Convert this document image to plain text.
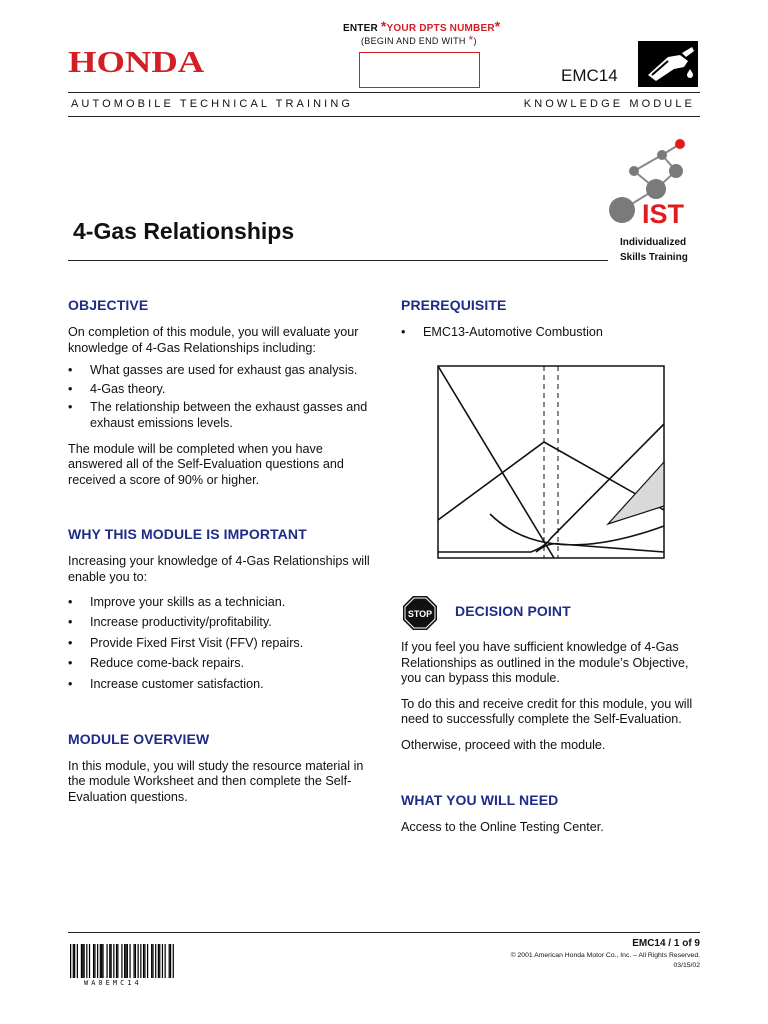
HONDA
ENTER *YOUR DPTS NUMBER*
(BEGIN AND END WITH *)
EMC14
AUTOMOBILE TECHNICAL TRAINING	KNOWLEDGE MODULE
4-Gas Relationships
IST
Individualized
Skills Training
OBJECTIVE

On completion of this module, you will evaluate your knowledge of 4-Gas Relationships including:

• What gasses are used for exhaust gas analysis.
• 4-Gas theory.
• The relationship between the exhaust gasses and exhaust emissions levels.

The module will be completed when you have answered all of the Self-Evaluation questions and received a score of 90% or higher.

WHY THIS MODULE IS IMPORTANT

Increasing your knowledge of 4-Gas Relationships will enable you to:

• Improve your skills as a technician.
• Increase productivity/profitability.
• Provide Fixed First Visit (FFV) repairs.
• Reduce come-back repairs.
• Increase customer satisfaction.
MODULE OVERVIEW

In this module, you will study the resource material in the module Worksheet and then complete the Self-Evaluation questions.

PREREQUISITE
• EMC13-Automotive Combustion
STOP DECISION POINT

If you feel you have sufficient knowledge of 4-Gas Relationships as outlined in the module’s Objective, you can bypass this module.

To do this and receive credit for this module, you will need to successfully complete the Self-Evaluation.

Otherwise, proceed with the module.

WHAT YOU WILL NEED

Access to the Online Testing Center.

EMC14 / 1 of 9
© 2001 American Honda Motor Co., Inc. – All Rights Reserved.
03/15/02
WA0EMC14
